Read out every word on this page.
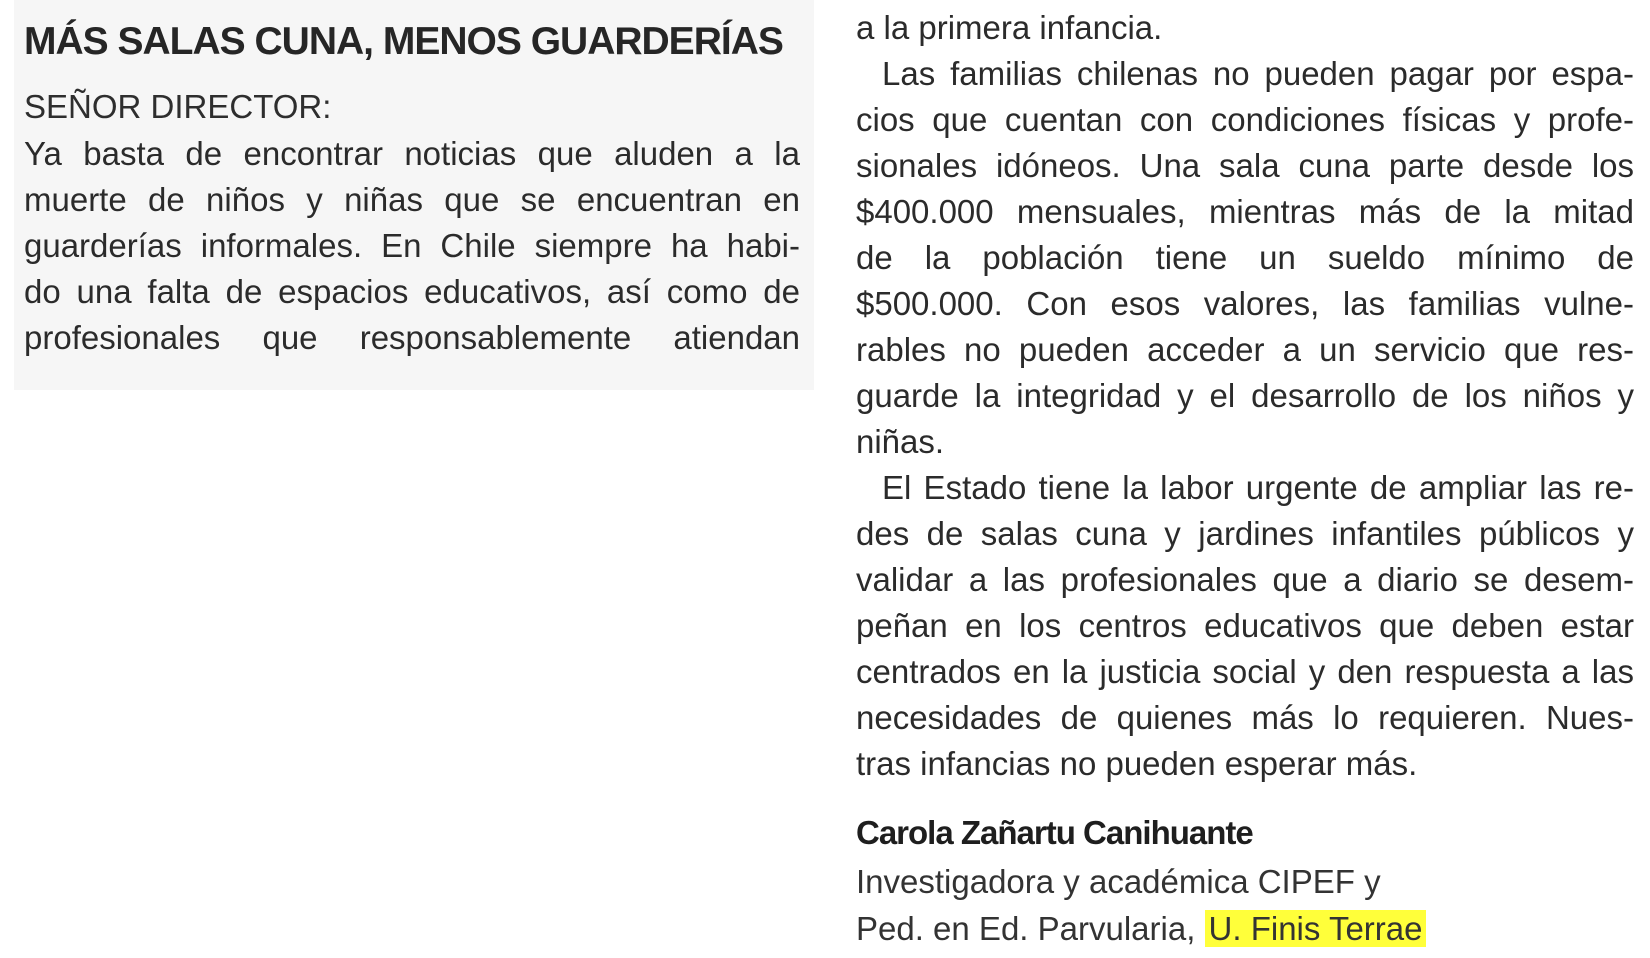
MÁS SALAS CUNA, MENOS GUARDERÍAS

SEÑOR DIRECTOR:

Ya basta de encontrar noticias que aluden a la
muerte de niños y niñas que se encuentran en
guarderías informales. En Chile siempre ha habi-
do una falta de espacios educativos, así como de
profesionales que responsablemente atiendan
a la primera infancia.
Las familias chilenas no pueden pagar por espa-
cios que cuentan con condiciones físicas y profe-
sionales idóneos. Una sala cuna parte desde los
$400.000 mensuales, mientras más de la mitad
de la población tiene un sueldo mínimo de
$500.000. Con esos valores, las familias vulne-
rables no pueden acceder a un servicio que res-
guarde la integridad y el desarrollo de los niños y
niñas.
El Estado tiene la labor urgente de ampliar las re-
des de salas cuna y jardines infantiles públicos y
validar a las profesionales que a diario se desem-
peñan en los centros educativos que deben estar
centrados en la justicia social y den respuesta a las
necesidades de quienes más lo requieren. Nues-
tras infancias no pueden esperar más.

Carola Zañartu Canihuante

Investigadora y académica CIPEF y
Ped. en Ed. Parvularia, U. Finis Terrae
